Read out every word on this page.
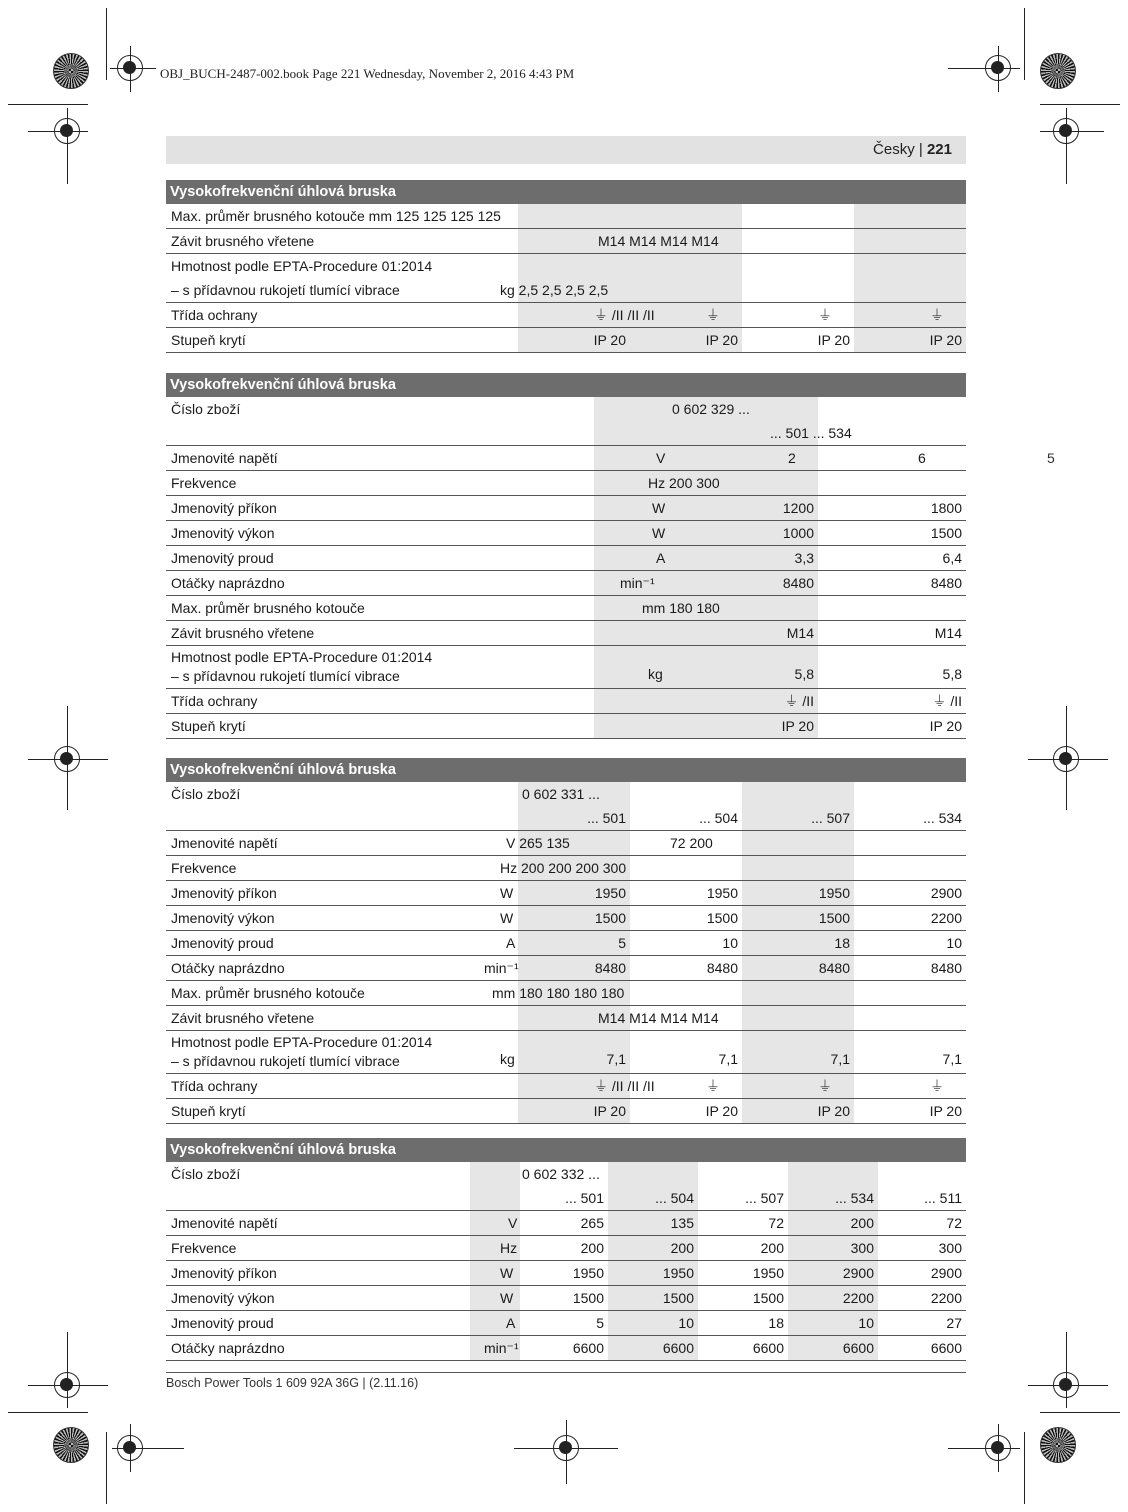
OBJ_BUCH-2487-002.book Page 221 Wednesday, November 2, 2016 4:43 PM
Česky | 221
5
Vysokofrekvenční úhlová bruska
Max. průměr brusného kotouče mm 125 125 125 125
Závit brusného vřetene	M14 M14 M14 M14
Hmotnost podle EPTA-Procedure 01:2014
– s přídavnou rukojetí tlumící vibrace	kg 2,5 2,5 2,5 2,5
Třída ochrany	⏚ /II /II /II	⏚	⏚	⏚
Stupeň krytí	IP 20	IP 20	IP 20	IP 20
Vysokofrekvenční úhlová bruska
Číslo zboží	0 602 329 ...
... 501 ... 534
Jmenovité napětí	V	2	6
Frekvence	Hz 200 300
Jmenovitý příkon	W	1200	1800
Jmenovitý výkon	W	1000	1500
Jmenovitý proud	A	3,3	6,4
Otáčky naprázdno	min⁻¹	8480	8480
Max. průměr brusného kotouče	mm 180 180
Závit brusného vřetene	M14	M14
Hmotnost podle EPTA-Procedure 01:2014
– s přídavnou rukojetí tlumící vibrace	kg	5,8	5,8
Třída ochrany	⏚ /II	⏚ /II
Stupeň krytí	IP 20	IP 20
Vysokofrekvenční úhlová bruska
Číslo zboží	0 602 331 ...
... 501	... 504	... 507	... 534
Jmenovité napětí	V 265 135	72 200
Frekvence	Hz 200 200 200 300
Jmenovitý příkon	W	1950	1950	1950	2900
Jmenovitý výkon	W	1500	1500	1500	2200
Jmenovitý proud	A	5	10	18	10
Otáčky naprázdno	min⁻¹	8480	8480	8480	8480
Max. průměr brusného kotouče	mm 180 180 180 180
Závit brusného vřetene	M14 M14 M14 M14
Hmotnost podle EPTA-Procedure 01:2014
– s přídavnou rukojetí tlumící vibrace	kg	7,1	7,1	7,1	7,1
Třída ochrany	⏚ /II /II /II	⏚	⏚	⏚
Stupeň krytí	IP 20	IP 20	IP 20	IP 20
Vysokofrekvenční úhlová bruska
Číslo zboží	0 602 332 ...
... 501	... 504	... 507	... 534	... 511
Jmenovité napětí	V	265	135	72	200	72
Frekvence	Hz	200	200	200	300	300
Jmenovitý příkon	W	1950	1950	1950	2900	2900
Jmenovitý výkon	W	1500	1500	1500	2200	2200
Jmenovitý proud	A	5	10	18	10	27
Otáčky naprázdno	min⁻¹	6600	6600	6600	6600	6600
Bosch Power Tools 1 609 92A 36G | (2.11.16)
